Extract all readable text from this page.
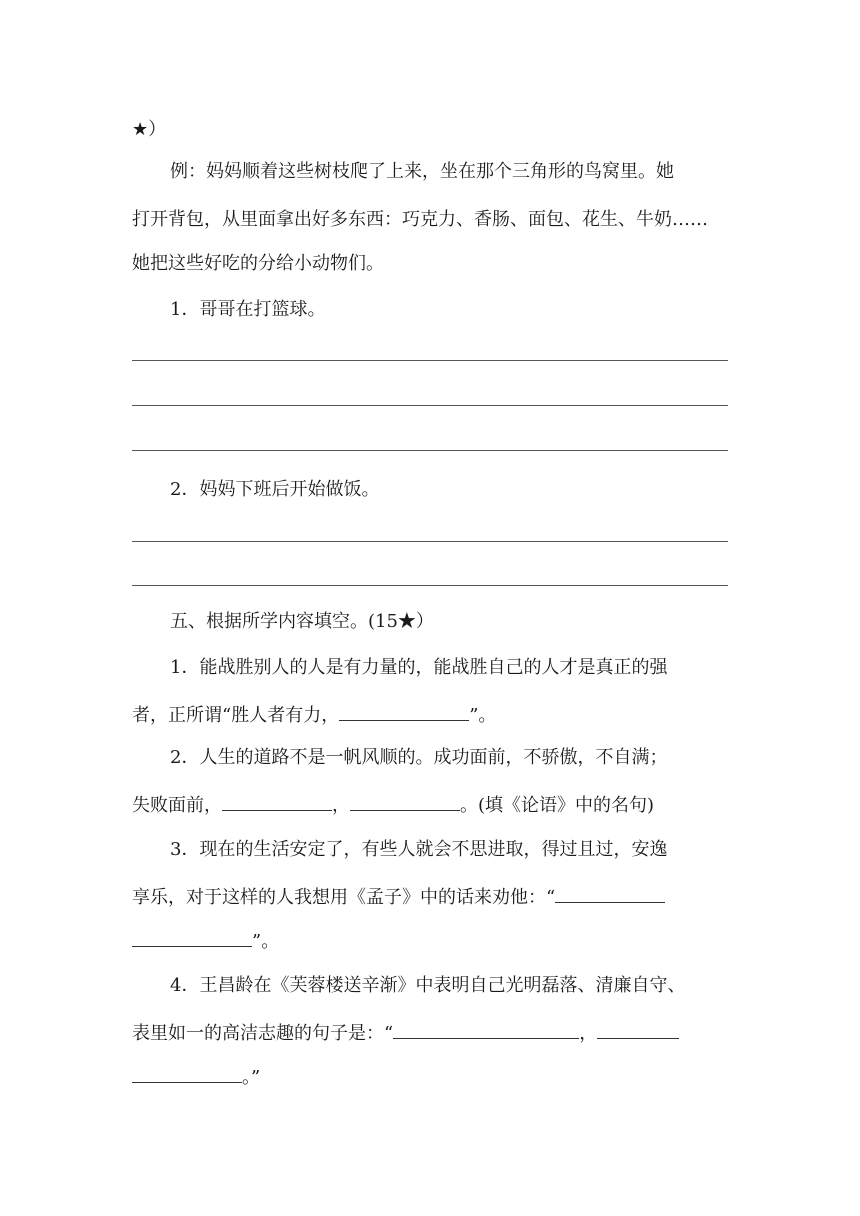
★）
例：妈妈顺着这些树枝爬了上来，坐在那个三角形的鸟窝里。她
打开背包，从里面拿出好多东西：巧克力、香肠、面包、花生、牛奶……
她把这些好吃的分给小动物们。
1．哥哥在打篮球。
2．妈妈下班后开始做饭。
五、根据所学内容填空。(15★）
1．能战胜别人的人是有力量的，能战胜自己的人才是真正的强
者，正所谓“胜人者有力，	”。
2．人生的道路不是一帆风顺的。成功面前，不骄傲，不自满；
失败面前，	，	。(填《论语》中的名句)
3．现在的生活安定了，有些人就会不思进取，得过且过，安逸
享乐，对于这样的人我想用《孟子》中的话来劝他：“
”。
4．王昌龄在《芙蓉楼送辛渐》中表明自己光明磊落、清廉自守、
表里如一的高洁志趣的句子是：“	，
。”
